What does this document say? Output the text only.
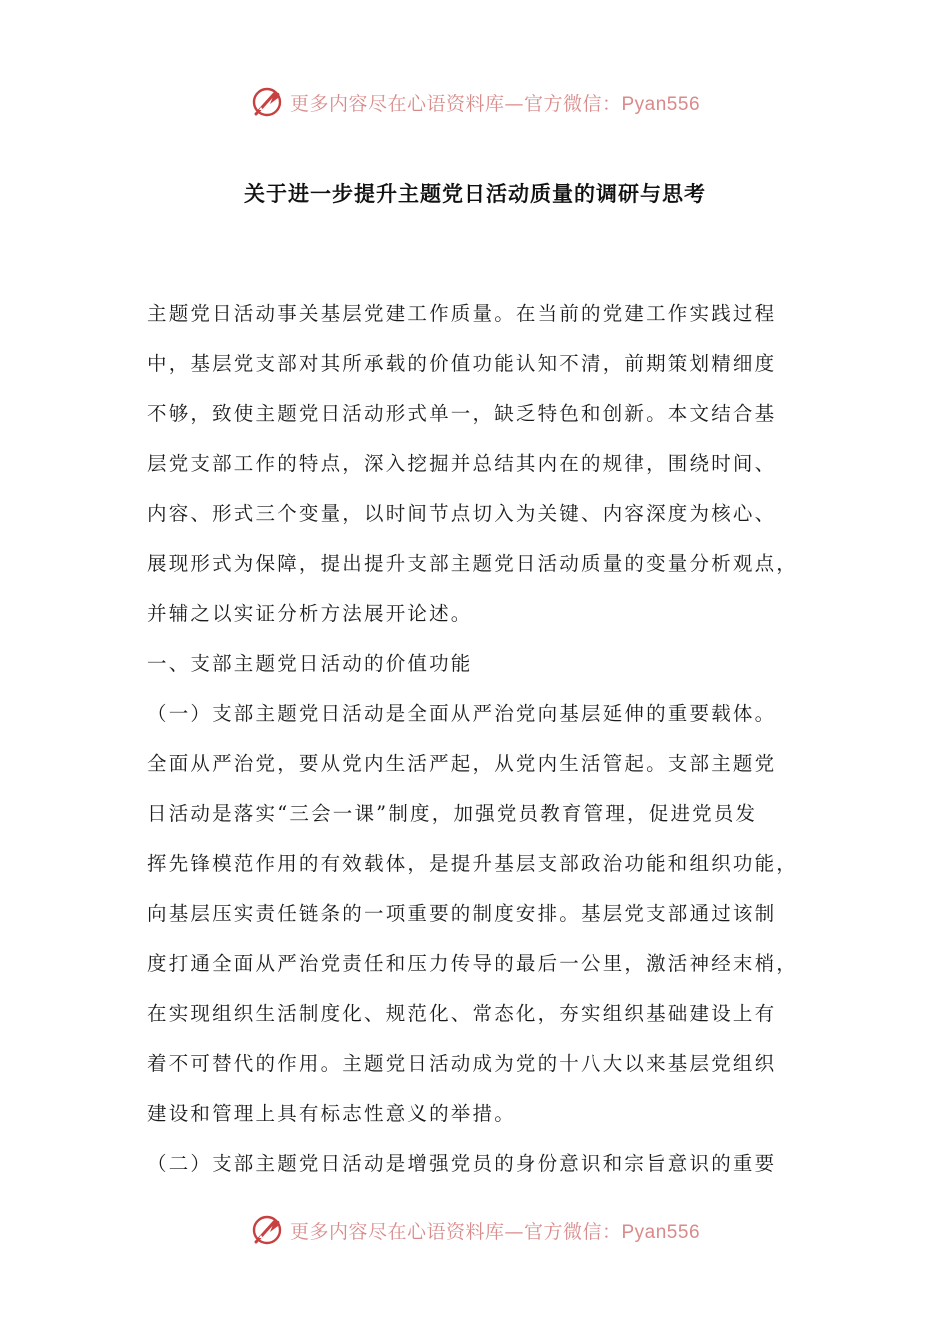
更多内容尽在心语资料库—官方微信：Pyan556
关于进一步提升主题党日活动质量的调研与思考
主题党日活动事关基层党建工作质量。在当前的党建工作实践过程
中，基层党支部对其所承载的价值功能认知不清，前期策划精细度
不够，致使主题党日活动形式单一，缺乏特色和创新。本文结合基
层党支部工作的特点，深入挖掘并总结其内在的规律，围绕时间、
内容、形式三个变量，以时间节点切入为关键、内容深度为核心、
展现形式为保障，提出提升支部主题党日活动质量的变量分析观点，
并辅之以实证分析方法展开论述。
一、支部主题党日活动的价值功能
（一）支部主题党日活动是全面从严治党向基层延伸的重要载体。
全面从严治党，要从党内生活严起，从党内生活管起。支部主题党
日活动是落实“三会一课”制度，加强党员教育管理，促进党员发
挥先锋模范作用的有效载体，是提升基层支部政治功能和组织功能，
向基层压实责任链条的一项重要的制度安排。基层党支部通过该制
度打通全面从严治党责任和压力传导的最后一公里，激活神经末梢，
在实现组织生活制度化、规范化、常态化，夯实组织基础建设上有
着不可替代的作用。主题党日活动成为党的十八大以来基层党组织
建设和管理上具有标志性意义的举措。
（二）支部主题党日活动是增强党员的身份意识和宗旨意识的重要
更多内容尽在心语资料库—官方微信：Pyan556
